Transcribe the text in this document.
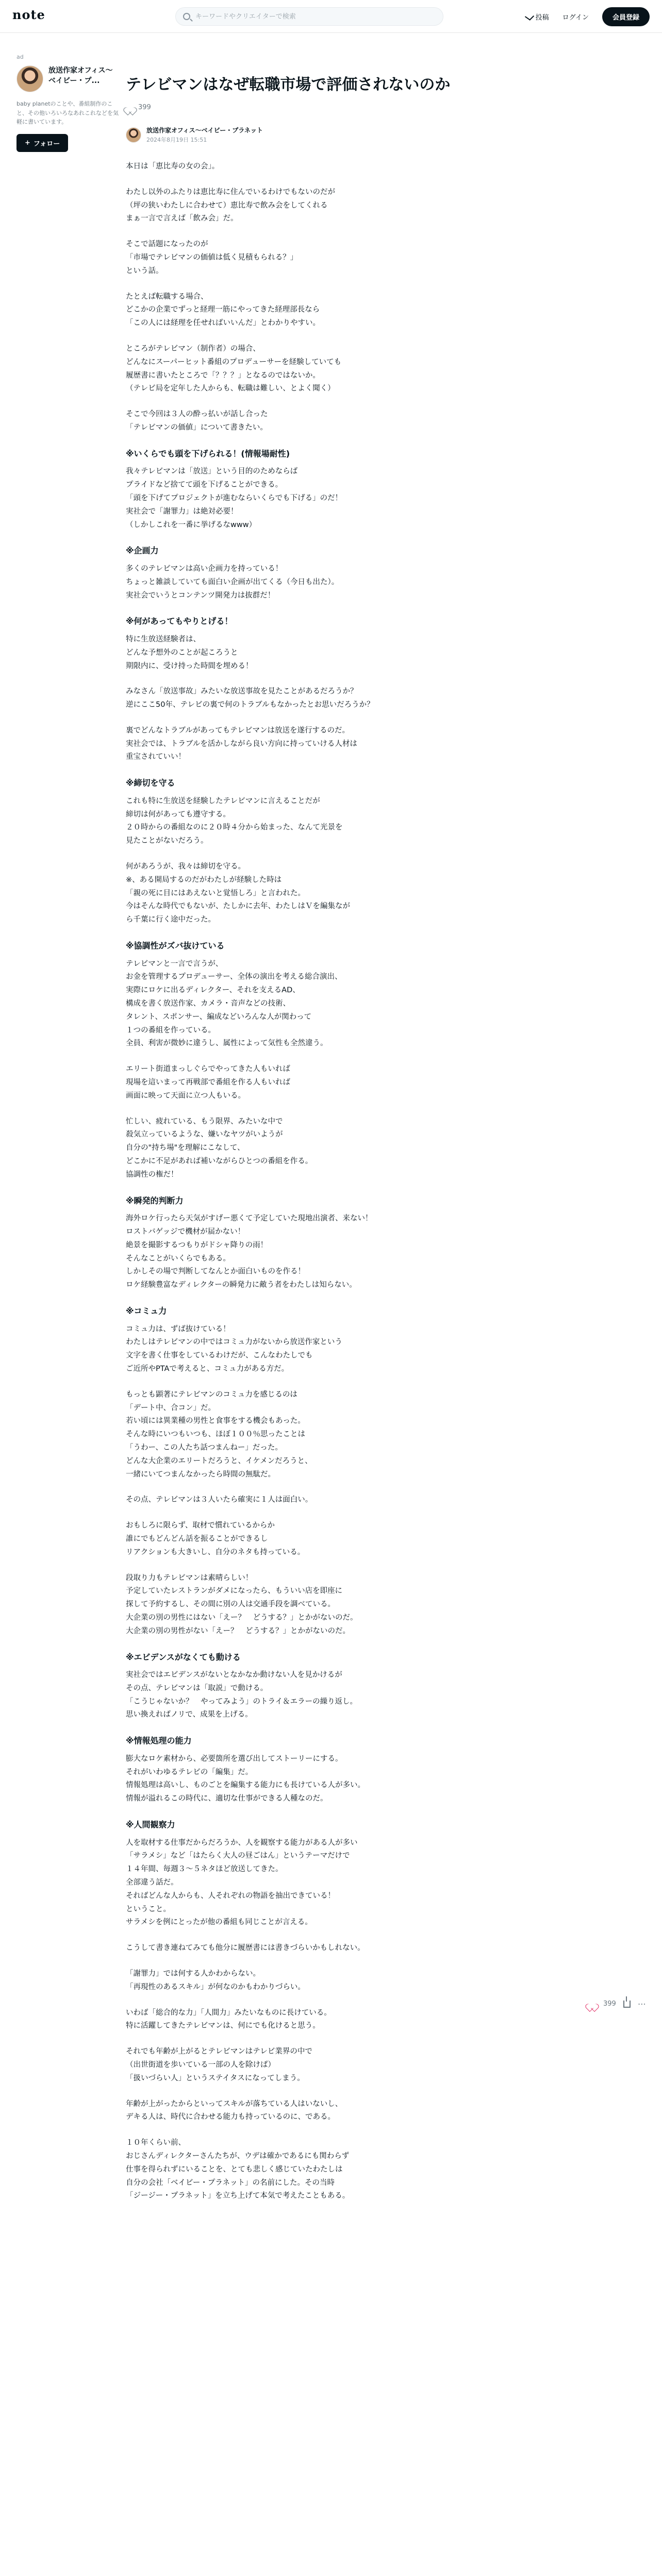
note
キーワードやクリエイターで検索	投稿 ログイン	会員登録
ad
放送作家オフィス〜ベイビー・プ...
baby planetのことや、番組制作のこと、その他いろいろなあれこれなどを気軽に書いています。
+ フォロー
テレビマンはなぜ転職市場で評価されないのか
399
放送作家オフィス〜ベイビー・プラネット
2024年8月19日 15:51

本日は「恵比寿の女の会」。

わたし以外のふたりは恵比寿に住んでいるわけでもないのだが
（坪の狭いわたしに合わせて）恵比寿で飲み会をしてくれる
まぁ一言で言えば「飲み会」だ。

そこで話題になったのが
「市場でテレビマンの価値は低く見積もられる？」
という話。

たとえば転職する場合、
どこかの企業でずっと経理一筋にやってきた経理部長なら
「この人には経理を任せればいいんだ」とわかりやすい。

ところがテレビマン（制作者）の場合、
どんなにスーパーヒット番組のプロデューサーを経験していても
履歴書に書いたところで「？？？」となるのではないか。
（テレビ局を定年した人からも、転職は難しい、とよく聞く）

そこで今回は３人の酔っ払いが話し合った
「テレビマンの価値」について書きたい。

※いくらでも頭を下げられる！(情報場耐性)

我々テレビマンは「放送」という目的のためならば
プライドなど捨てて頭を下げることができる。
「頭を下げてプロジェクトが進むならいくらでも下げる」のだ！
実社会で「謝罪力」は絶対必要！
（しかしこれを一番に挙げるなwww）

※企画力

多くのテレビマンは高い企画力を持っている！
ちょっと雑談していても面白い企画が出てくる（今日も出た）。
実社会でいうとコンテンツ開発力は抜群だ！

※何があってもやりとげる！

特に生放送経験者は、
どんな予想外のことが起ころうと
期限内に、受け持った時間を埋める！

みなさん「放送事故」みたいな放送事故を見たことがあるだろうか？
逆にここ50年、テレビの裏で何のトラブルもなかったとお思いだろうか？

裏でどんなトラブルがあってもテレビマンは放送を遂行するのだ。
実社会では、トラブルを活かしながら良い方向に持っていける人材は
重宝されていい！

※締切を守る

これも特に生放送を経験したテレビマンに言えることだが
締切は何があっても遵守する。
２０時からの番組なのに２０時４分から始まった、なんて光景を
見たことがないだろう。

何があろうが、我々は締切を守る。
※、ある開局するのだがわたしが経験した時は
「親の死に目にはあえないと覚悟しろ」と言われた。
今はそんな時代でもないが、たしかに去年、わたしはＶを編集なが
ら千葉に行く途中だった。

※協調性がズバ抜けている

テレビマンと一言で言うが、
お金を管理するプロデューサー、全体の演出を考える総合演出、
実際にロケに出るディレクター、それを支えるAD、
構成を書く放送作家、カメラ・音声などの技術、
タレント、スポンサー、編成などいろんな人が関わって
１つの番組を作っている。
全員、利害が微妙に違うし、属性によって気性も全然違う。

エリート街道まっしぐらでやってきた人もいれば
現場を這いまって再戦部で番組を作る人もいれば
画面に映って天面に立つ人もいる。

忙しい、疲れている、もう限界、みたいな中で
殺気立っているような、嫌いなヤツがいようが
自分の"持ち場"を理解にこなして、
どこかに不足があれば補いながらひとつの番組を作る。
協調性の権だ！

※瞬発的判断力

海外ロケ行ったら天気がすげー悪くて予定していた現地出演者、来ない！
ロストバゲッジで機材が届かない！
絶景を撮影するつもりがドシャ降りの雨！
そんなことがいくらでもある。
しかしその場で判断してなんとか面白いものを作る！
ロケ経験豊富なディレクターの瞬発力に敵う者をわたしは知らない。

※コミュ力

コミュ力は、ずば抜けている！
わたしはテレビマンの中ではコミュ力がないから放送作家という
文字を書く仕事をしているわけだが、こんなわたしでも
ご近所やPTAで考えると、コミュ力がある方だ。

もっとも顕著にテレビマンのコミュ力を感じるのは
「デート中、合コン」だ。
若い頃には異業種の男性と食事をする機会もあった。
そんな時にいつもいつも、ほぼ１００％思ったことは
「うわー、この人たち話つまんねー」だった。
どんな大企業のエリートだろうと、イケメンだろうと、
一緒にいてつまんなかったら時間の無駄だ。

その点、テレビマンは３人いたら確実に１人は面白い。

おもしろに限らず、取材で慣れているからか
誰にでもどんどん話を振ることができるし
リアクションも大きいし、自分のネタも持っている。

段取り力もテレビマンは素晴らしい！
予定していたレストランがダメになったら、もういい店を即座に
探して予約するし、その間に別の人は交通手段を調べている。
大企業の別の男性にはない「えー？　どうする？」とかがないのだ。
大企業の別の男性がない「えー？　どうする？」とかがないのだ。

※エビデンスがなくても動ける

実社会ではエビデンスがないとなかなか動けない人を見かけるが
その点、テレビマンは「取説」で動ける。
「こうじゃないか？　やってみよう」のトライ＆エラーの繰り返し。
思い換えればノリで、成果を上げる。

※情報処理の能力

膨大なロケ素材から、必要箇所を選び出してストーリーにする。
それがいわゆるテレビの「編集」だ。
情報処理は高いし、ものごとを編集する能力にも長けている人が多い。
情報が溢れるこの時代に、適切な仕事ができる人種なのだ。

※人間観察力

人を取材する仕事だからだろうか、人を観察する能力がある人が多い
「サラメシ」など「はたらく大人の昼ごはん」というテーマだけで
１４年間、毎週３〜５ネタほど放送してきた。
全部違う話だ。
そればどんな人からも、人それぞれの物語を抽出できている！
ということ。
サラメシを例にとったが他の番組も同じことが言える。

こうして書き連ねてみても他分に履歴書には書きづらいかもしれない。

「謝罪力」では何する人かわからない。
「再現性のあるスキル」が何なのかもわかりづらい。

いわば「総合的な力」「人間力」みたいなものに長けている。
特に活躍してきたテレビマンは、何にでも化けると思う。

それでも年齢が上がるとテレビマンはテレビ業界の中で
（出世街道を歩いている一部の人を除けば）
「扱いづらい人」というステイタスになってしまう。

年齢が上がったからといってスキルが落ちている人はいないし、
デキる人は、時代に合わせる能力も持っているのに、である。

１０年くらい前、
おじさんディレクターさんたちが、ウデは確かであるにも関わらず
仕事を得られずにいることを、とても悲しく感じていたわたしは
自分の会社「ベイビー・プラネット」の名前にした。その当時
「ジージー・プラネット」を立ち上げて本気で考えたこともある。

399	⋯
